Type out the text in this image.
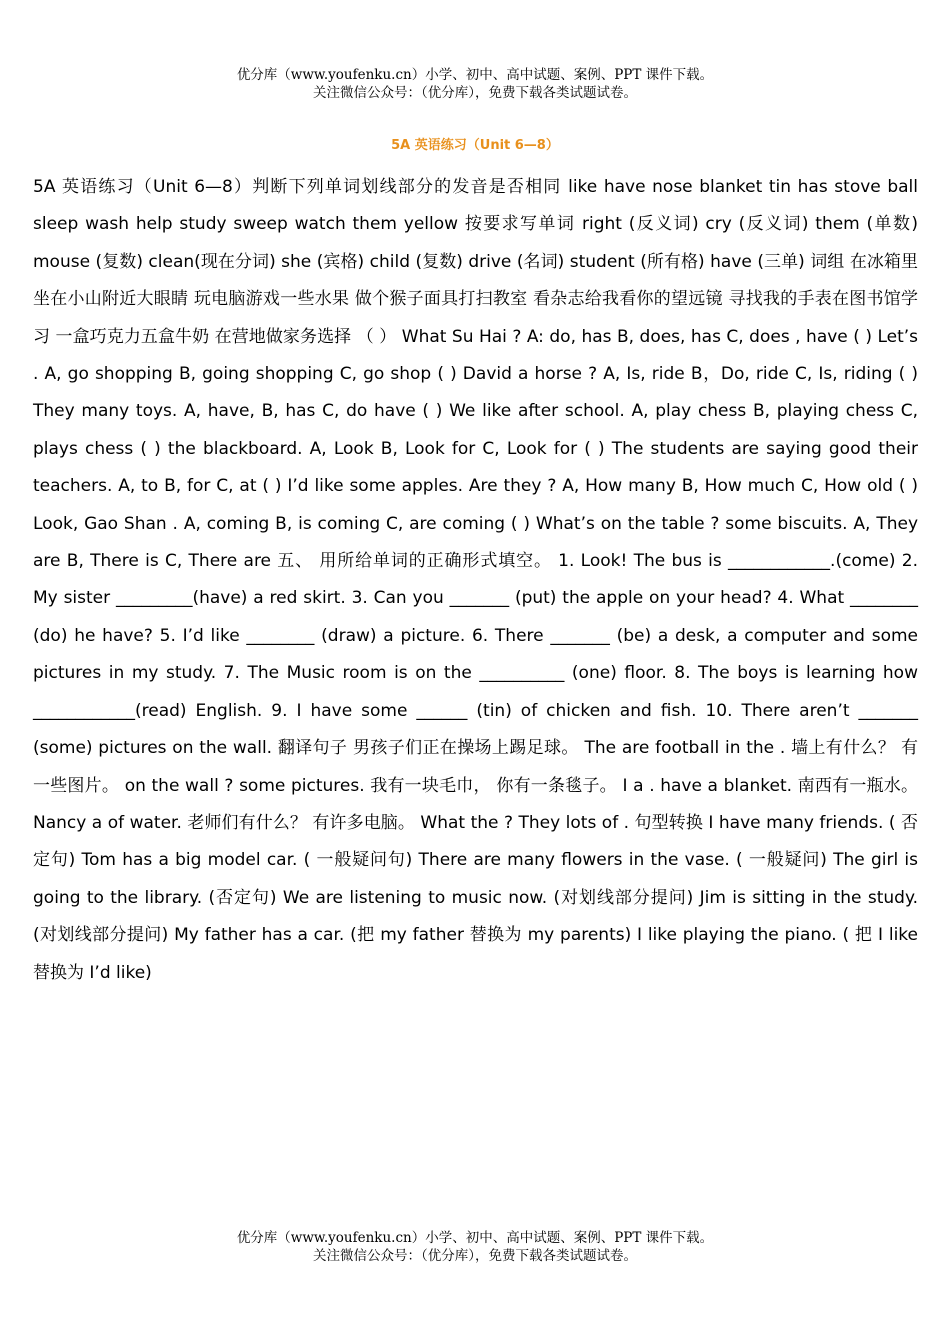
优分库（www.youfenku.cn）小学、初中、高中试题、案例、PPT 课件下载。
关注微信公众号：（优分库），免费下载各类试题试卷。
5A 英语练习（Unit 6—8）
5A 英语练习（Unit 6—8）判断下列单词划线部分的发音是否相同 like have nose blanket tin has stove ball sleep wash help study sweep watch them yellow 按要求写单词 right (反义词) cry (反义词) them (单数) mouse (复数) clean(现在分词) she (宾格) child (复数) drive (名词) student (所有格) have (三单) 词组 在冰箱里 坐在小山附近大眼睛 玩电脑游戏一些水果 做个猴子面具打扫教室 看杂志给我看你的望远镜 寻找我的手表在图书馆学习 一盒巧克力五盒牛奶 在营地做家务选择 （ ） What Su Hai ? A: do, has B, does, has C, does , have ( ) Let’s . A, go shopping B, going shopping C, go shop ( ) David a horse ? A, Is, ride B，Do, ride C, Is, riding ( ) They many toys. A, have, B, has C, do have ( ) We like after school. A, play chess B, playing chess C, plays chess ( ) the blackboard. A, Look B, Look for C, Look for ( ) The students are saying good their teachers. A, to B, for C, at ( ) I’d like some apples. Are they ? A, How many B, How much C, How old ( ) Look, Gao Shan . A, coming B, is coming C, are coming ( ) What’s on the table ? some biscuits. A, They are B, There is C, There are 五、 用所给单词的正确形式填空。 1. Look! The bus is ____________.(come) 2. My sister _________(have) a red skirt. 3. Can you _______ (put) the apple on your head? 4. What ________ (do) he have? 5. I’d like ________ (draw) a picture. 6. There _______ (be) a desk, a computer and some pictures in my study. 7. The Music room is on the __________ (one) floor. 8. The boys is learning how ____________(read) English. 9. I have some ______ (tin) of chicken and fish. 10. There aren’t _______ (some) pictures on the wall. 翻译句子 男孩子们正在操场上踢足球。 The are football in the . 墙上有什么？ 有一些图片。 on the wall ? some pictures. 我有一块毛巾， 你有一条毯子。 I a . have a blanket. 南西有一瓶水。 Nancy a of water. 老师们有什么？ 有许多电脑。 What the ? They lots of . 句型转换 I have many friends. ( 否定句) Tom has a big model car. ( 一般疑问句) There are many flowers in the vase. ( 一般疑问) The girl is going to the library. (否定句) We are listening to music now. (对划线部分提问) Jim is sitting in the study. (对划线部分提问) My father has a car. (把 my father 替换为 my parents) I like playing the piano. ( 把 I like 替换为 I’d like)
优分库（www.youfenku.cn）小学、初中、高中试题、案例、PPT 课件下载。
关注微信公众号：（优分库），免费下载各类试题试卷。
